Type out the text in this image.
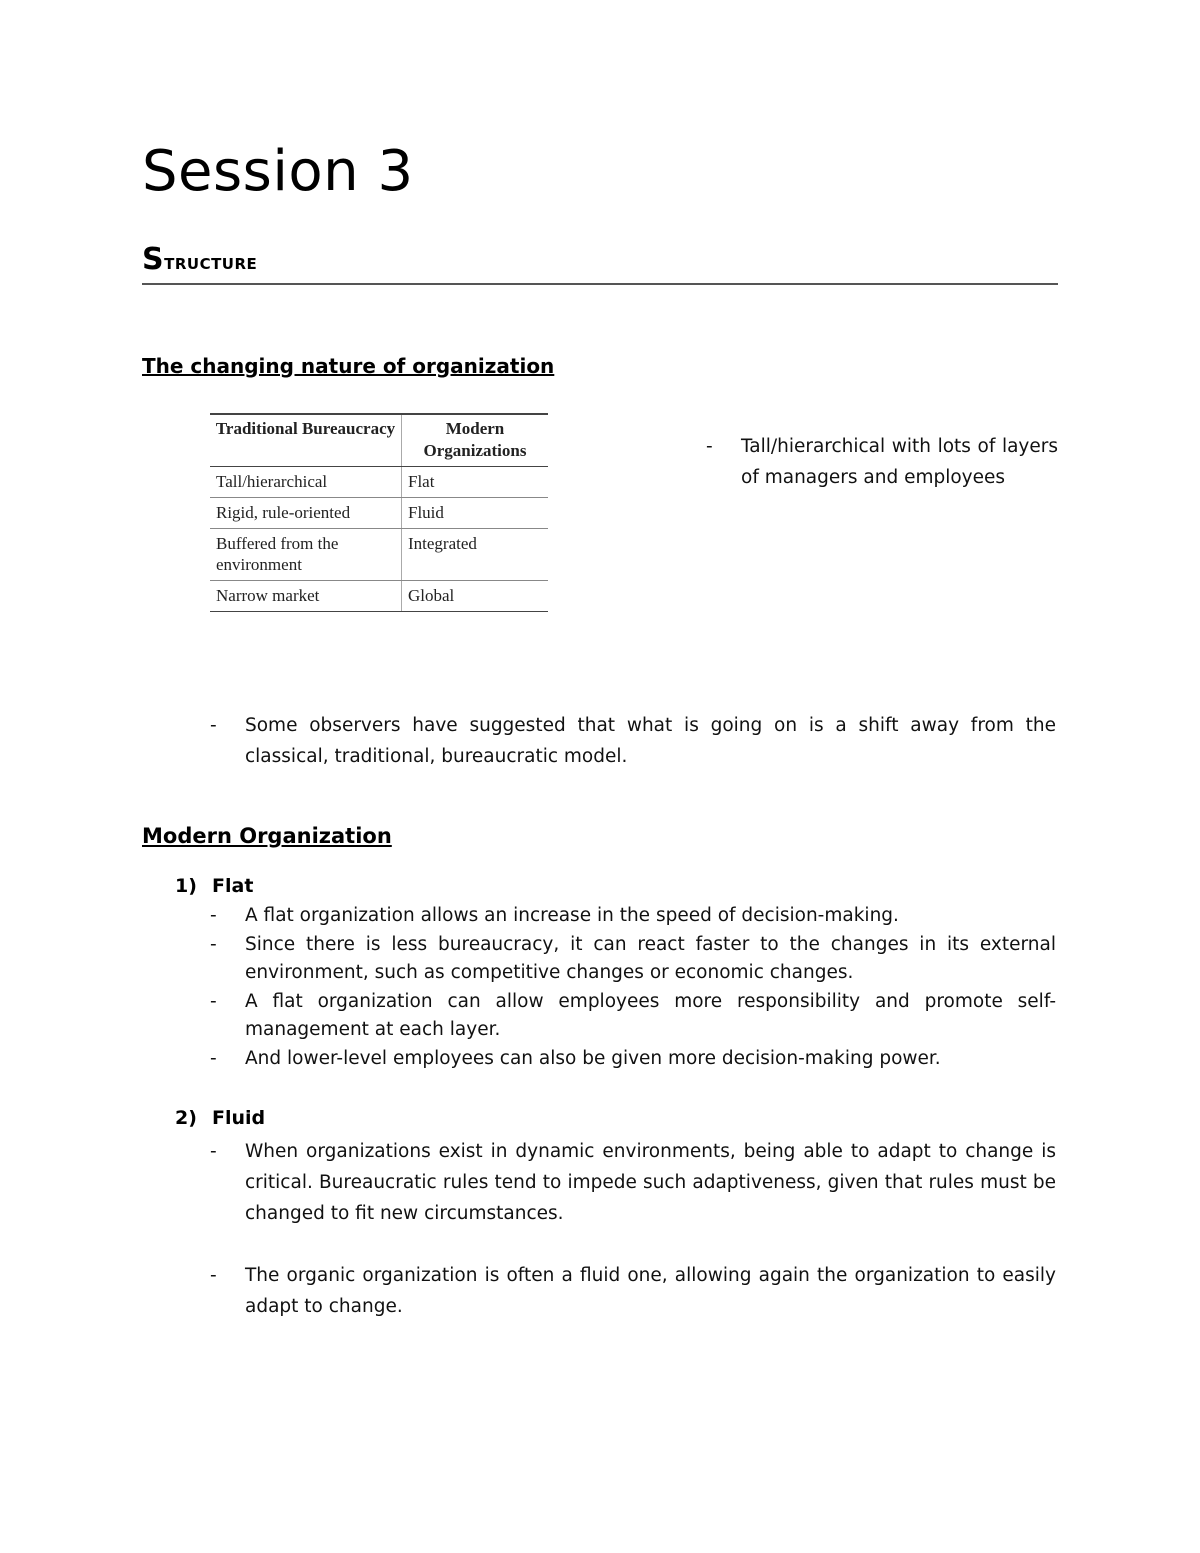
Session 3
Structure
The changing nature of organization
Traditional Bureaucracy	Modern Organizations
Tall/hierarchical	Flat
Rigid, rule-oriented	Fluid
Buffered from the environment	Integrated
Narrow market	Global
- Tall/hierarchical with lots of layers of managers and employees
- Some observers have suggested that what is going on is a shift away from the classical, traditional, bureaucratic model.
Modern Organization

1) Flat

- A flat organization allows an increase in the speed of decision-making.
- Since there is less bureaucracy, it can react faster to the changes in its external environment, such as competitive changes or economic changes.
- A flat organization can allow employees more responsibility and promote self-management at each layer.
- And lower-level employees can also be given more decision-making power.

2) Fluid

- When organizations exist in dynamic environments, being able to adapt to change is critical. Bureaucratic rules tend to impede such adaptiveness, given that rules must be changed to fit new circumstances.
- The organic organization is often a fluid one, allowing again the organization to easily adapt to change.
